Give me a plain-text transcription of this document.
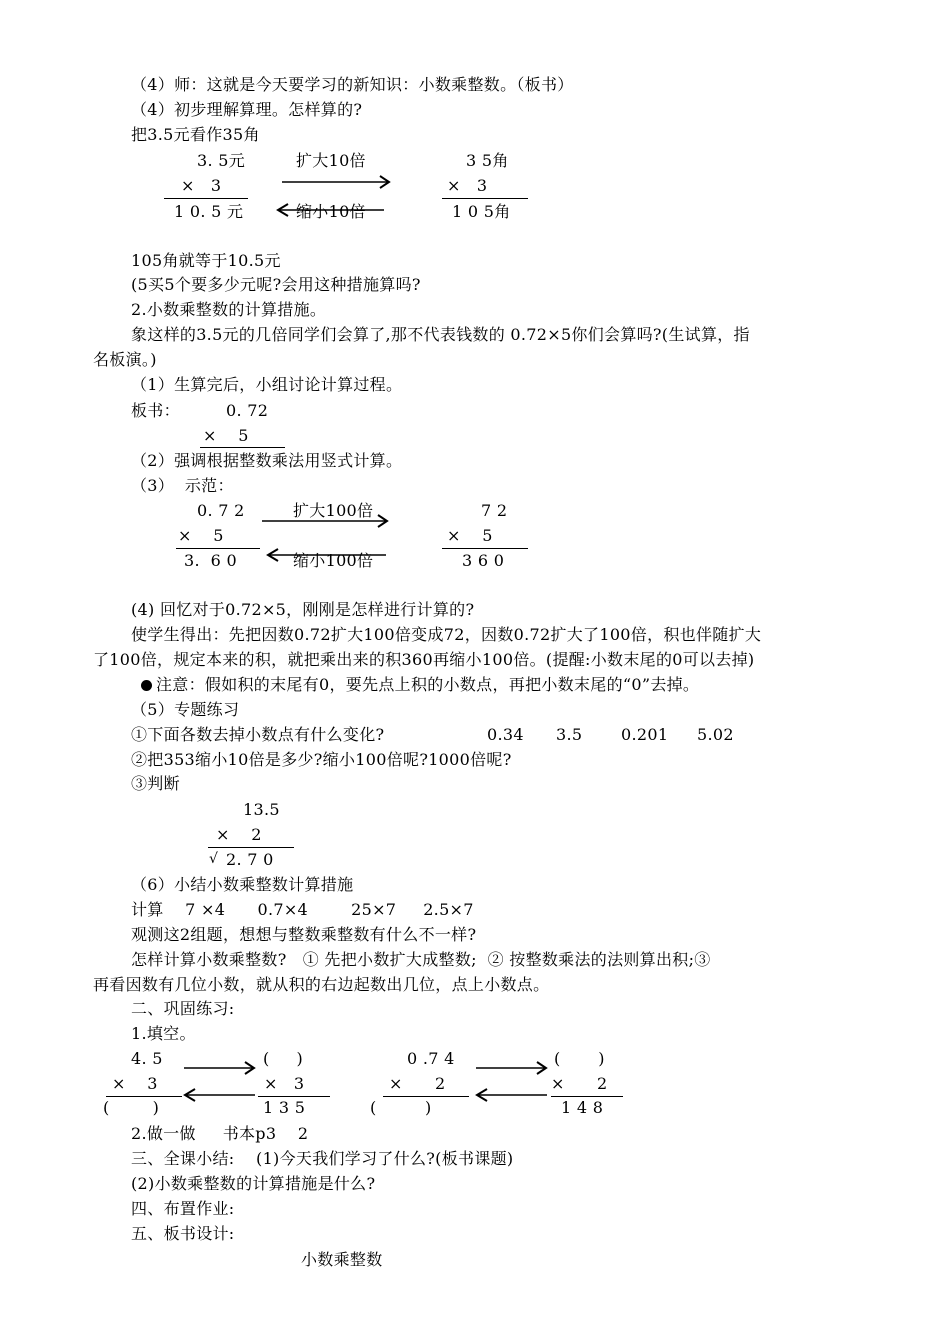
（4）师：这就是今天要学习的新知识：小数乘整数。（板书）
（4）初步理解算理。怎样算的?
把3.5元看作35角
3. 5元
×   3
1 0. 5 元
扩大10倍
缩小10倍
3 5角
×   3
1 0 5角
105角就等于10.5元
(5买5个要多少元呢?会用这种措施算吗?
2.小数乘整数的计算措施。
象这样的3.5元的几倍同学们会算了,那不代表钱数的 0.72×5你们会算吗?(生试算，指
名板演。)
（1）生算完后，小组讨论计算过程。
板书：	0. 72
×    5
（2）强调根据整数乘法用竖式计算。
（3）  示范：
0. 7 2
×    5
3.  6 0
扩大100倍
缩小100倍
7 2
×    5
3 6 0
(4) 回忆对于0.72×5，刚刚是怎样进行计算的?
使学生得出：先把因数0.72扩大100倍变成72，因数0.72扩大了100倍，积也伴随扩大
了100倍，规定本来的积，就把乘出来的积360再缩小100倍。(提醒:小数末尾的0可以去掉)
注意：假如积的末尾有0，要先点上积的小数点，再把小数末尾的“0”去掉。
（5）专题练习
①下面各数去掉小数点有什么变化?	0.34 3.5 0.201 5.02
②把353缩小10倍是多少?缩小100倍呢?1000倍呢?
③判断
13.5
×    2
√ 2. 7 0
（6）小结小数乘整数计算措施
计算    7 ×4      0.7×4        25×7     2.5×7
观测这2组题，想想与整数乘整数有什么不一样?
怎样计算小数乘整数?   ① 先把小数扩大成整数;  ② 按整数乘法的法则算出积;③
再看因数有几位小数，就从积的右边起数出几位，点上小数点。
二、巩固练习:
1.填空。
4. 5
×    3
(        )
(     )
×   3
1 3 5
0 .7 4
×      2
(         )
(       )
×      2
1 4 8
2.做一做     书本p3    2
三、全课小结:    (1)今天我们学习了什么?(板书课题)
(2)小数乘整数的计算措施是什么?
四、布置作业:
五、板书设计:
小数乘整数
